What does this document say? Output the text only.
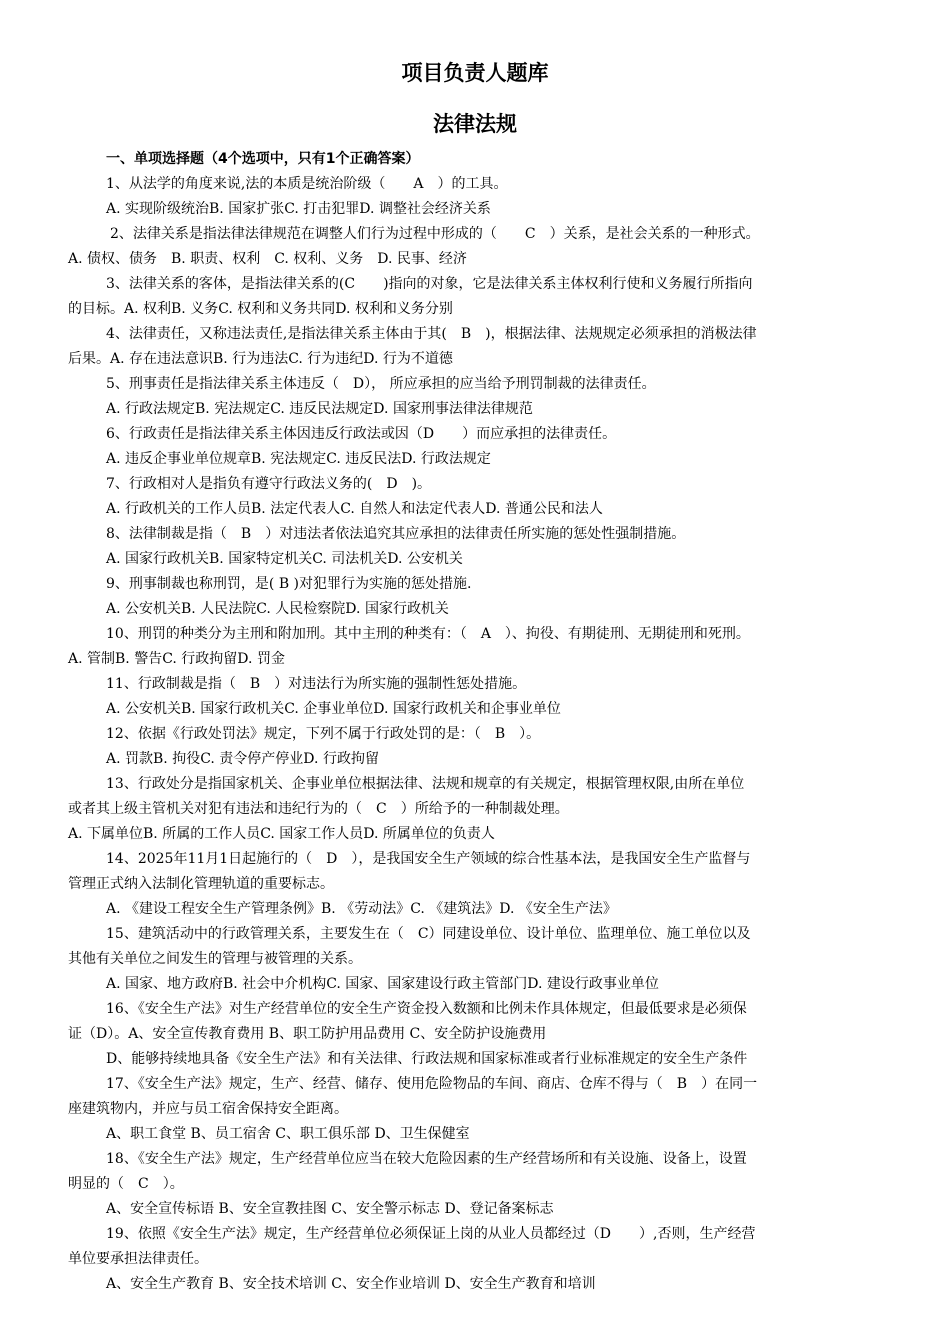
项目负责人题库
法律法规
一、单项选择题（4个选项中，只有1个正确答案）
1、从法学的角度来说,法的本质是统治阶级（　　A　）的工具。
A. 实现阶级统治B. 国家扩张C. 打击犯罪D. 调整社会经济关系
2、法律关系是指法律法律规范在调整人们行为过程中形成的（　　C　）关系，是社会关系的一种形式。
A. 债权、债务　B. 职责、权利　C. 权利、义务　D. 民事、经济
3、法律关系的客体，是指法律关系的(C　　)指向的对象，它是法律关系主体权利行使和义务履行所指向
的目标。A. 权利B. 义务C. 权利和义务共同D. 权利和义务分别
4、法律责任，又称违法责任,是指法律关系主体由于其(　B　)，根据法律、法规规定必须承担的消极法律
后果。A. 存在违法意识B. 行为违法C. 行为违纪D. 行为不道德
5、刑事责任是指法律关系主体违反（　D）， 所应承担的应当给予刑罚制裁的法律责任。
A. 行政法规定B. 宪法规定C. 违反民法规定D. 国家刑事法律法律规范
6、行政责任是指法律关系主体因违反行政法或因（D　　）而应承担的法律责任。
A. 违反企事业单位规章B. 宪法规定C. 违反民法D. 行政法规定
7、行政相对人是指负有遵守行政法义务的(　D　)。
A. 行政机关的工作人员B. 法定代表人C. 自然人和法定代表人D. 普通公民和法人
8、法律制裁是指（　B　）对违法者依法追究其应承担的法律责任所实施的惩处性强制措施。
A. 国家行政机关B. 国家特定机关C. 司法机关D. 公安机关
9、刑事制裁也称刑罚，是( B )对犯罪行为实施的惩处措施.
A. 公安机关B. 人民法院C. 人民检察院D. 国家行政机关
10、刑罚的种类分为主刑和附加刑。其中主刑的种类有：（　A　）、拘役、有期徒刑、无期徒刑和死刑。
A. 管制B. 警告C. 行政拘留D. 罚金
11、行政制裁是指（　B　）对违法行为所实施的强制性惩处措施。
A. 公安机关B. 国家行政机关C. 企事业单位D. 国家行政机关和企事业单位
12、依据《行政处罚法》规定，下列不属于行政处罚的是：（　B　）。
A. 罚款B. 拘役C. 责令停产停业D. 行政拘留
13、行政处分是指国家机关、企事业单位根据法律、法规和规章的有关规定，根据管理权限,由所在单位
或者其上级主管机关对犯有违法和违纪行为的（　C　）所给予的一种制裁处理。
A. 下属单位B. 所属的工作人员C. 国家工作人员D. 所属单位的负责人
14、2025年11月1日起施行的（　D　），是我国安全生产领域的综合性基本法，是我国安全生产监督与
管理正式纳入法制化管理轨道的重要标志。
A. 《建设工程安全生产管理条例》B. 《劳动法》C. 《建筑法》D. 《安全生产法》
15、建筑活动中的行政管理关系，主要发生在（　C）同建设单位、设计单位、监理单位、施工单位以及
其他有关单位之间发生的管理与被管理的关系。
A. 国家、地方政府B. 社会中介机构C. 国家、国家建设行政主管部门D. 建设行政事业单位
16、《安全生产法》对生产经营单位的安全生产资金投入数额和比例未作具体规定，但最低要求是必须保
证（D）。A、安全宣传教育费用 B、职工防护用品费用 C、安全防护设施费用
D、能够持续地具备《安全生产法》和有关法律、行政法规和国家标准或者行业标准规定的安全生产条件
17、《安全生产法》规定，生产、经营、储存、使用危险物品的车间、商店、仓库不得与（　B　）在同一
座建筑物内，并应与员工宿舍保持安全距离。
A、职工食堂 B、员工宿舍 C、职工俱乐部 D、卫生保健室
18、《安全生产法》规定，生产经营单位应当在较大危险因素的生产经营场所和有关设施、设备上，设置
明显的（　C　）。
A、安全宣传标语 B、安全宣教挂图 C、安全警示标志 D、登记备案标志
19、依照《安全生产法》规定，生产经营单位必须保证上岗的从业人员都经过（D　　）,否则，生产经营
单位要承担法律责任。
A、安全生产教育 B、安全技术培训 C、安全作业培训 D、安全生产教育和培训
